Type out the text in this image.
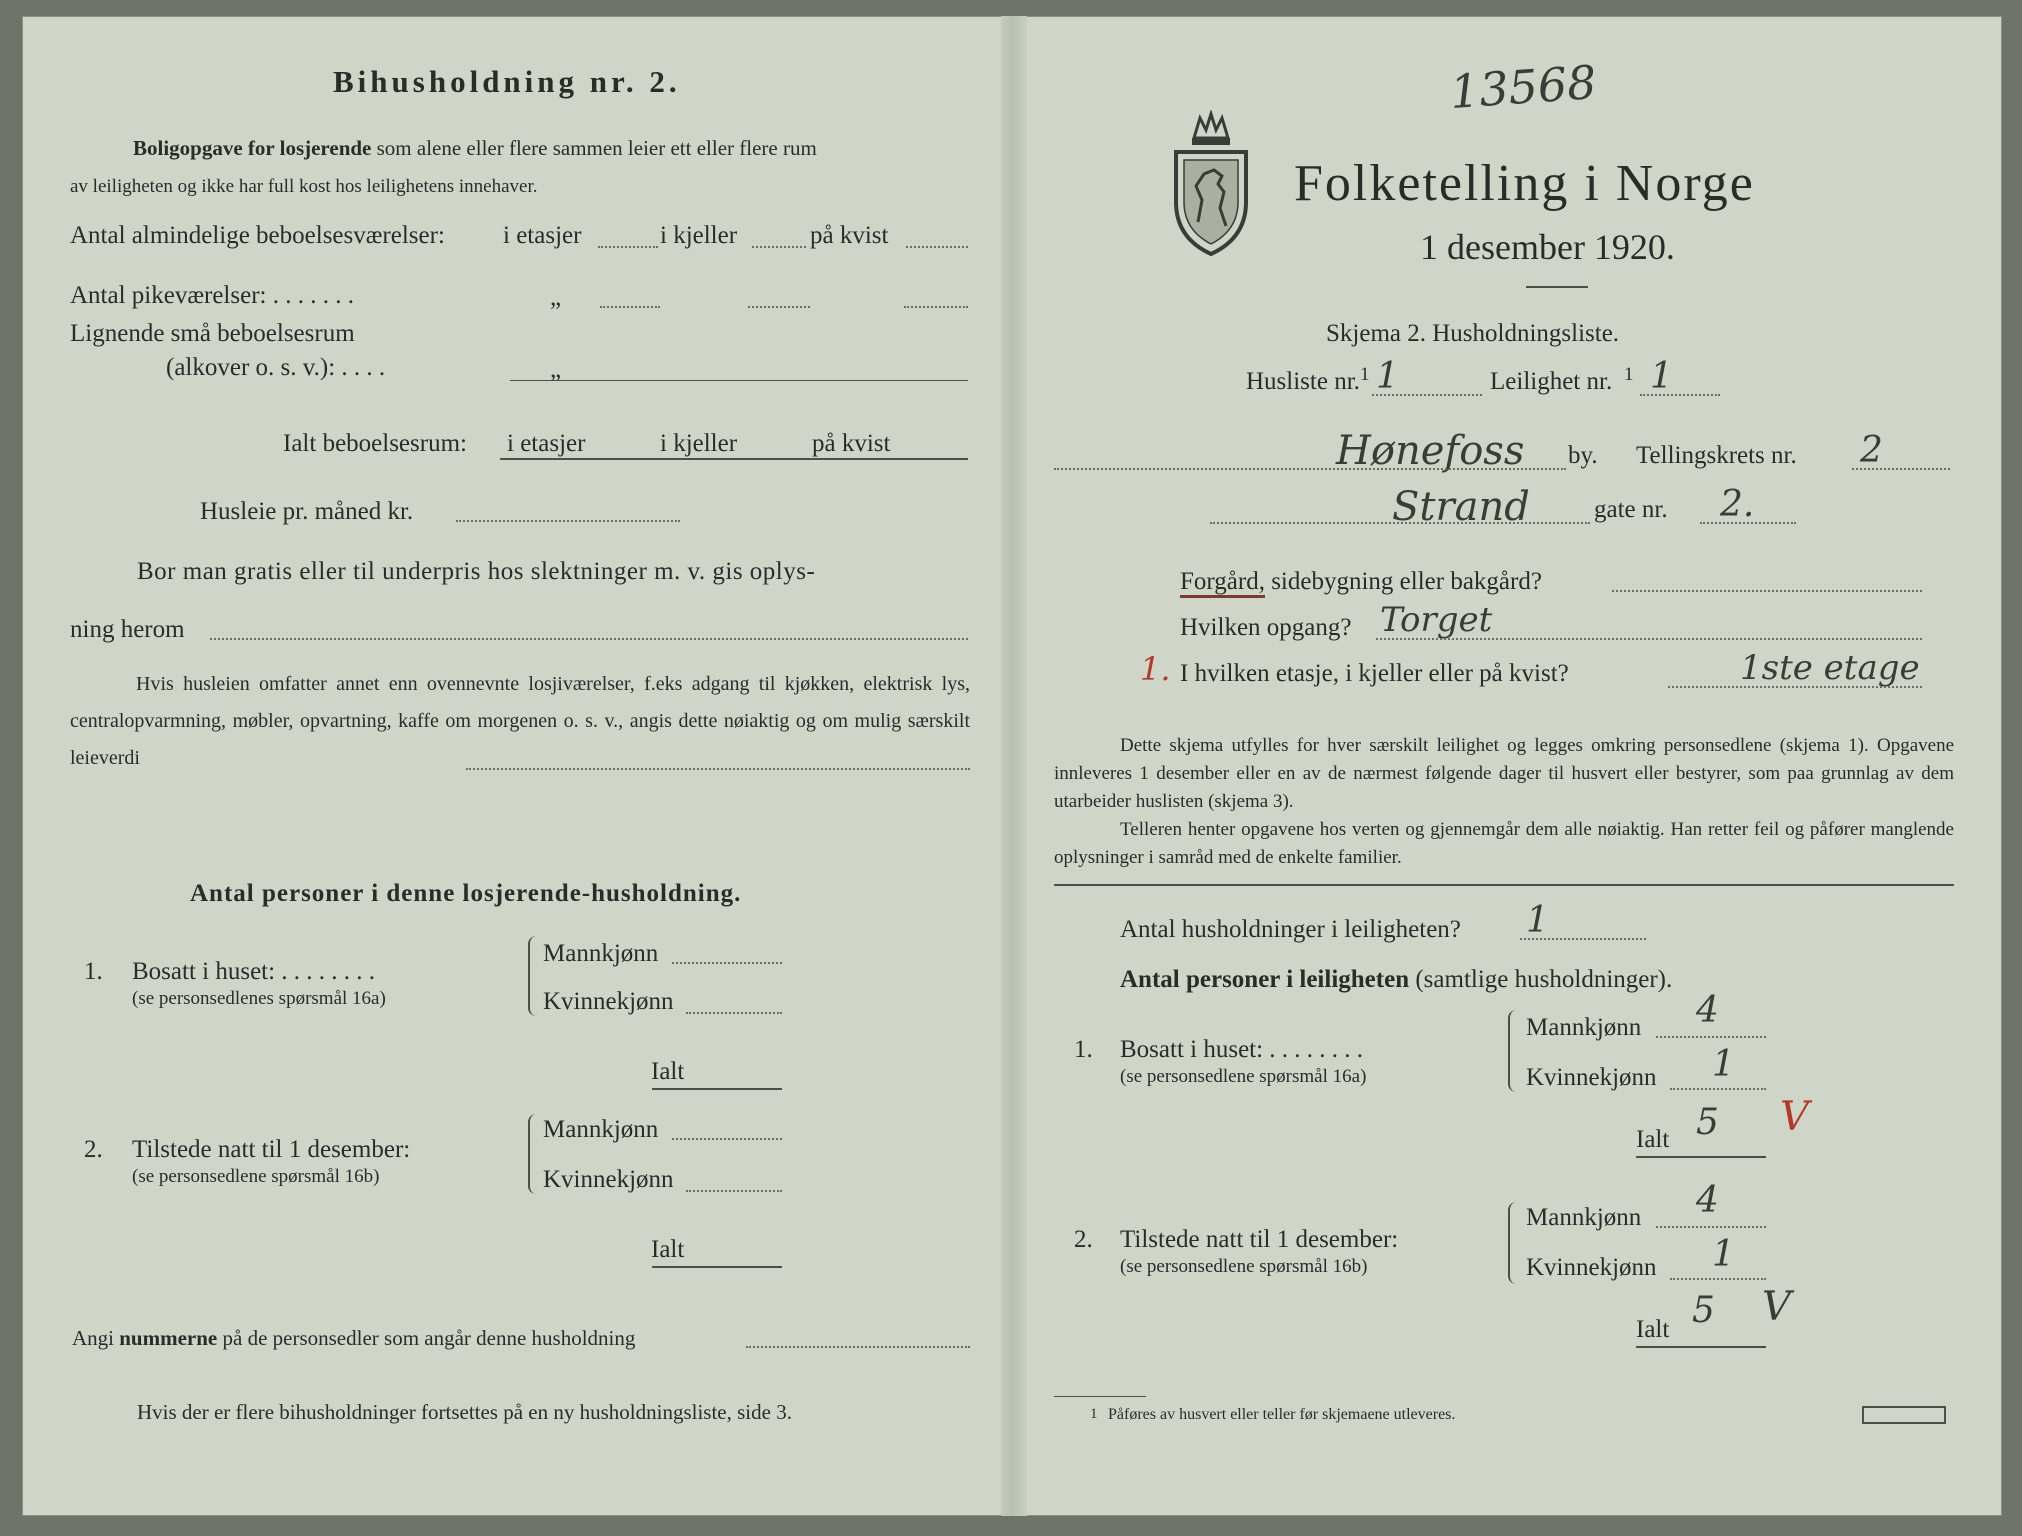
Bihusholdning nr. 2.
Boligopgave for losjerende som alene eller flere sammen leier ett eller flere rum
av leiligheten og ikke har full kost hos leilighetens innehaver.
Antal almindelige beboelsesværelser: i etasjer	i kjeller	på kvist
Antal pikeværelser: . . . . . . .	„
Lignende små beboelsesrum
(alkover o. s. v.): . . . .	„
Ialt beboelsesrum: i etasjer	i kjeller	på kvist
Husleie pr. måned kr.
Bor man gratis eller til underpris hos slektninger m. v. gis oplys-
ning herom
Hvis husleien omfatter annet enn ovennevnte losjiværelser, f.eks adgang til kjøkken, elektrisk lys, centralopvarmning, møbler, opvartning, kaffe om morgenen o. s. v., angis dette nøiaktig og om mulig særskilt leieverdi
Antal personer i denne losjerende-husholdning.
1. Bosatt i huset: . . . . . . . .
(se personsedlenes spørsmål 16a)
Mannkjønn
Kvinnekjønn
Ialt
2. Tilstede natt til 1 desember:
(se personsedlene spørsmål 16b)
Mannkjønn
Kvinnekjønn
Ialt
Angi nummerne på de personsedler som angår denne husholdning
Hvis der er flere bihusholdninger fortsettes på en ny husholdningsliste, side 3.
13568
Folketelling i Norge
1 desember 1920.
Skjema 2. Husholdningsliste.
Husliste nr. 1 1	Leilighet nr. 1 1
Hønefoss by. Tellingskrets nr. 2
Strand	gate nr. 2.
Forgård, sidebygning eller bakgård?
Hvilken opgang? Torget
1. I hvilken etasje, i kjeller eller på kvist?	1ste etage
Dette skjema utfylles for hver særskilt leilighet og legges omkring personsedlene (skjema 1). Opgavene innleveres 1 desember eller en av de nærmest følgende dager til husvert eller bestyrer, som paa grunnlag av dem utarbeider huslisten (skjema 3).
Telleren henter opgavene hos verten og gjennemgår dem alle nøiaktig. Han retter feil og påfører manglende oplysninger i samråd med de enkelte familier.
Antal husholdninger i leiligheten? 1
Antal personer i leiligheten (samtlige husholdninger).
1. Bosatt i huset: . . . . . . . .
(se personsedlene spørsmål 16a)
Mannkjønn 4
Kvinnekjønn 1
Ialt 5 V
2. Tilstede natt til 1 desember:
(se personsedlene spørsmål 16b)
Mannkjønn 4
Kvinnekjønn 1
Ialt 5 V
1 Påføres av husvert eller teller før skjemaene utleveres.
